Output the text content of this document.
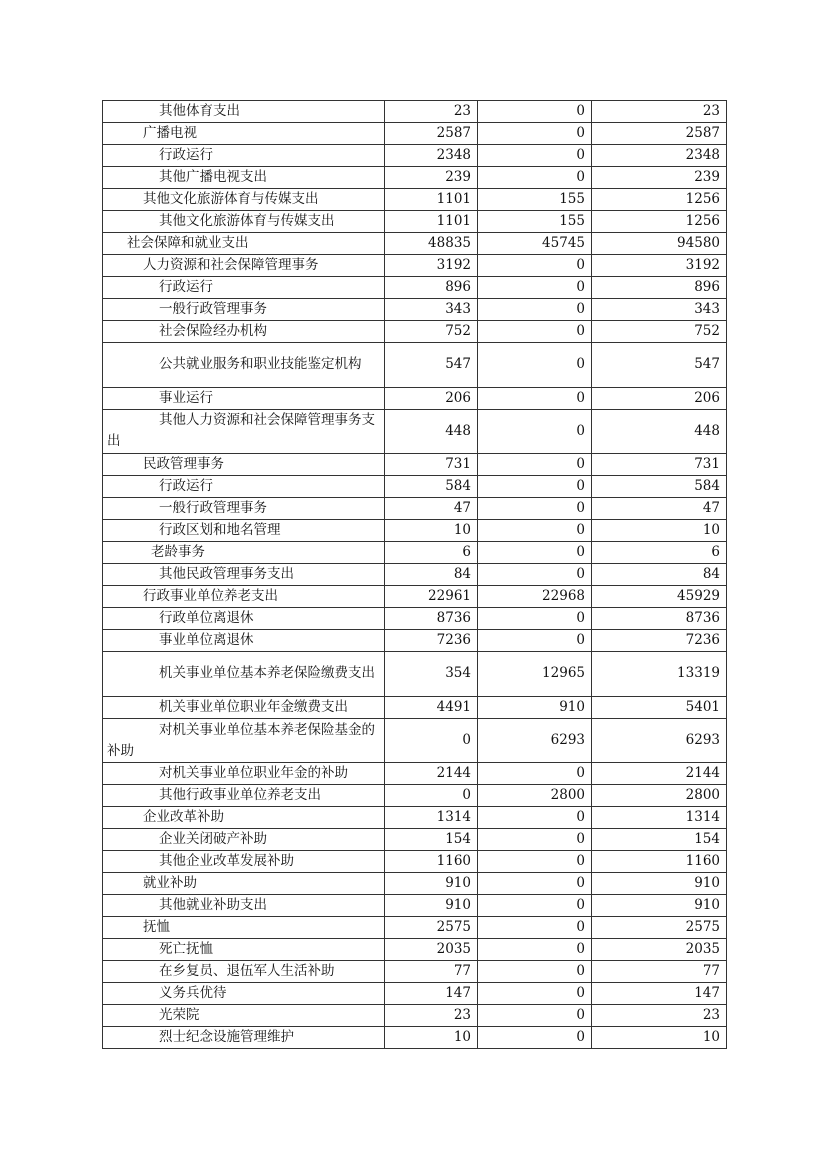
其他体育支出	23	0	23
广播电视	2587	0	2587
行政运行	2348	0	2348
其他广播电视支出	239	0	239
其他文化旅游体育与传媒支出	1101	155	1256
其他文化旅游体育与传媒支出	1101	155	1256
社会保障和就业支出	48835	45745	94580
人力资源和社会保障管理事务	3192	0	3192
行政运行	896	0	896
一般行政管理事务	343	0	343
社会保险经办机构	752	0	752
公共就业服务和职业技能鉴定机构	547	0	547
事业运行	206	0	206
其他人力资源和社会保障管理事务支出	448	0	448
民政管理事务	731	0	731
行政运行	584	0	584
一般行政管理事务	47	0	47
行政区划和地名管理	10	0	10
老龄事务	6	0	6
其他民政管理事务支出	84	0	84
行政事业单位养老支出	22961	22968	45929
行政单位离退休	8736	0	8736
事业单位离退休	7236	0	7236
机关事业单位基本养老保险缴费支出	354	12965	13319
机关事业单位职业年金缴费支出	4491	910	5401
对机关事业单位基本养老保险基金的补助	0	6293	6293
对机关事业单位职业年金的补助	2144	0	2144
其他行政事业单位养老支出	0	2800	2800
企业改革补助	1314	0	1314
企业关闭破产补助	154	0	154
其他企业改革发展补助	1160	0	1160
就业补助	910	0	910
其他就业补助支出	910	0	910
抚恤	2575	0	2575
死亡抚恤	2035	0	2035
在乡复员、退伍军人生活补助	77	0	77
义务兵优待	147	0	147
光荣院	23	0	23
烈士纪念设施管理维护	10	0	10
